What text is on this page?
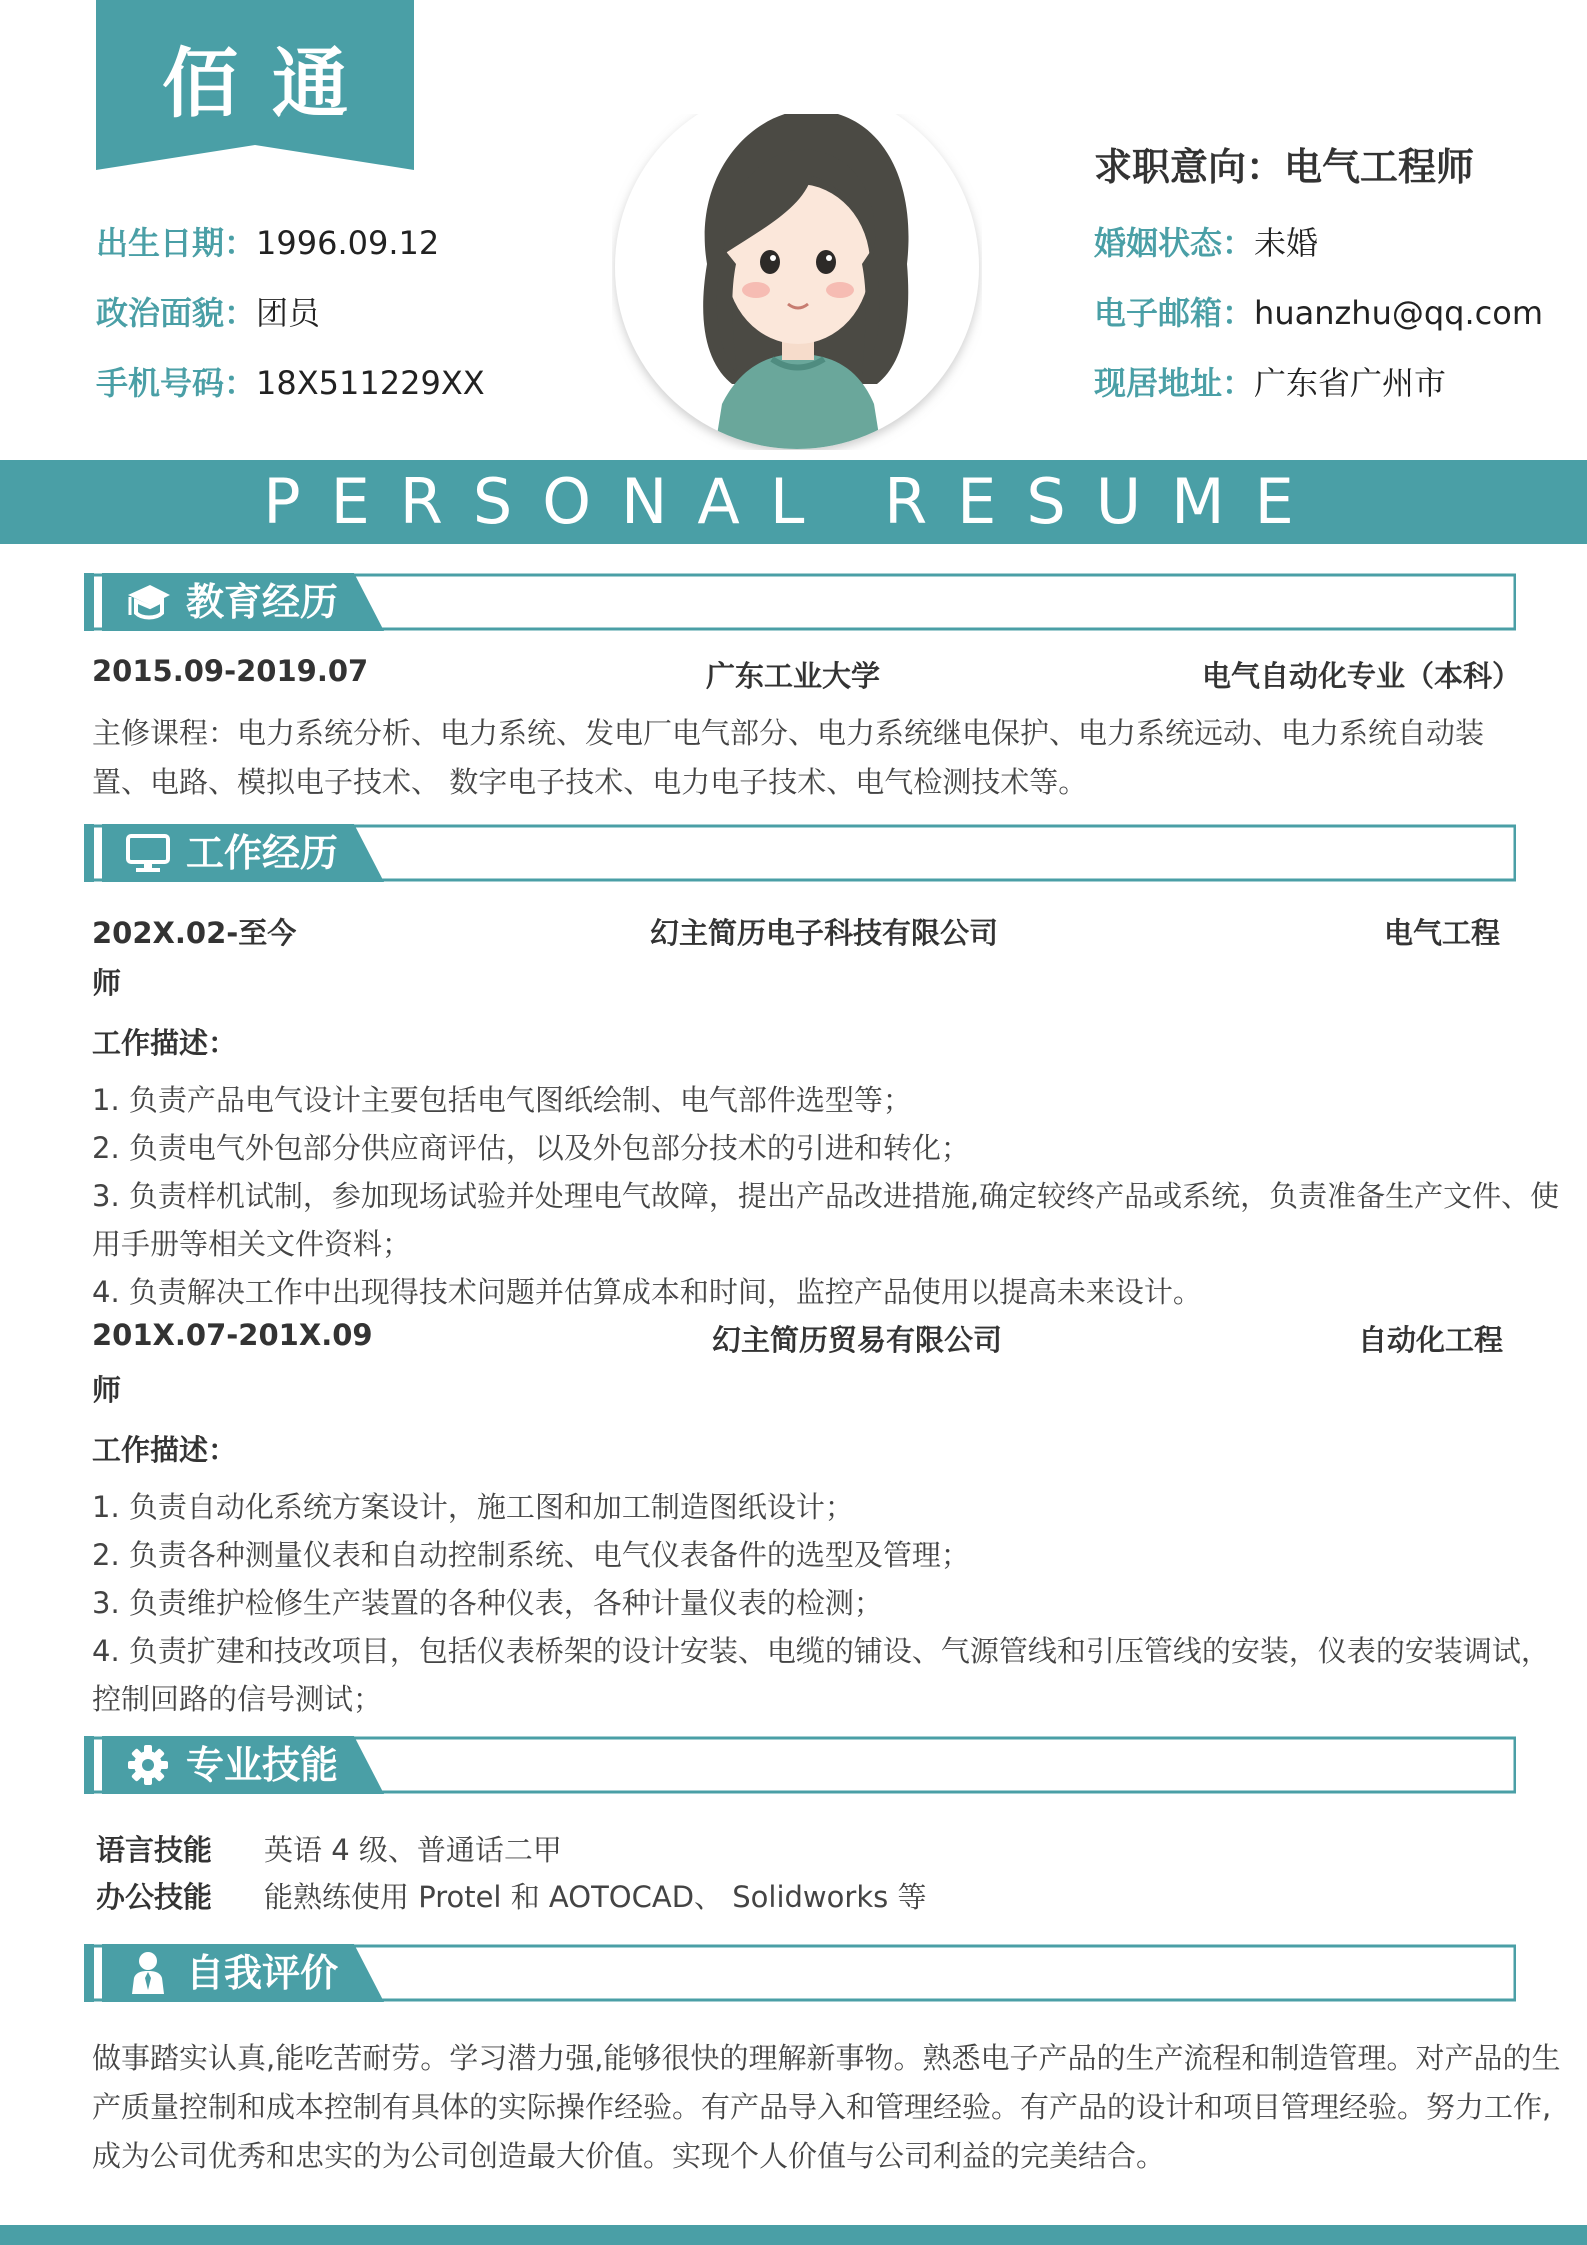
佰通
出生日期：1996.09.12
政治面貌：团员
手机号码：18X511229XX
求职意向：电气工程师
婚姻状态：未婚
电子邮箱：huanzhu@qq.com
现居地址：广东省广州市
PERSONAL RESUME
教育经历
2015.09-2019.07	广东工业大学	电气自动化专业（本科）
主修课程：电力系统分析、电力系统、发电厂电气部分、电力系统继电保护、电力系统远动、电力系统自动装
置、电路、模拟电子技术、 数字电子技术、电力电子技术、电气检测技术等。
工作经历
202X.02-至今	幻主简历电子科技有限公司	电气工程
师
工作描述：
1. 负责产品电气设计主要包括电气图纸绘制、电气部件选型等；
2. 负责电气外包部分供应商评估，以及外包部分技术的引进和转化；
3. 负责样机试制，参加现场试验并处理电气故障，提出产品改进措施,确定较终产品或系统，负责准备生产文件、使
用手册等相关文件资料；
4. 负责解决工作中出现得技术问题并估算成本和时间，监控产品使用以提高未来设计。
201X.07-201X.09	幻主简历贸易有限公司	自动化工程
师
工作描述：
1. 负责自动化系统方案设计，施工图和加工制造图纸设计；
2. 负责各种测量仪表和自动控制系统、电气仪表备件的选型及管理；
3. 负责维护检修生产装置的各种仪表，各种计量仪表的检测；
4. 负责扩建和技改项目，包括仪表桥架的设计安装、电缆的铺设、气源管线和引压管线的安装，仪表的安装调试，
控制回路的信号测试；
专业技能
语言技能 英语 4 级、普通话二甲
办公技能 能熟练使用 Protel 和 AOTOCAD、 Solidworks 等
自我评价
做事踏实认真,能吃苦耐劳。学习潜力强,能够很快的理解新事物。熟悉电子产品的生产流程和制造管理。对产品的生
产质量控制和成本控制有具体的实际操作经验。有产品导入和管理经验。有产品的设计和项目管理经验。努力工作,
成为公司优秀和忠实的为公司创造最大价值。实现个人价值与公司利益的完美结合。
